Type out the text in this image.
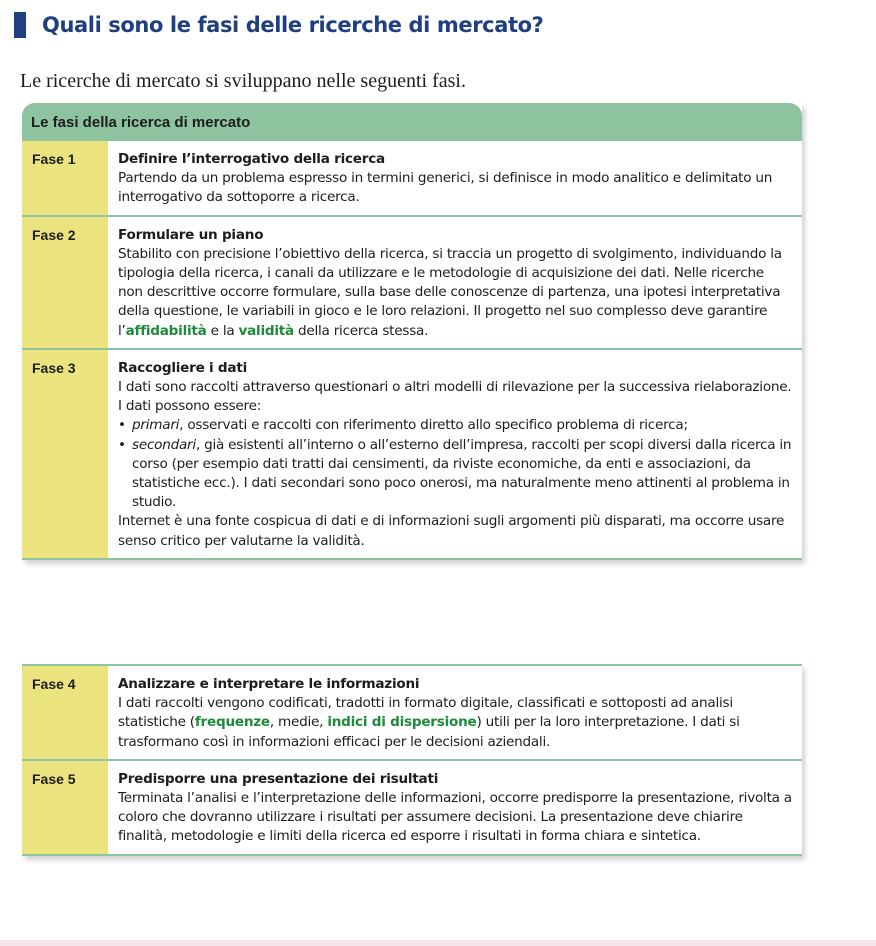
Quali sono le fasi delle ricerche di mercato?
Le ricerche di mercato si sviluppano nelle seguenti fasi.
Le fasi della ricerca di mercato
Fase 1	Definire l’interrogativo della ricerca
Partendo da un problema espresso in termini generici, si definisce in modo analitico e delimitato un interrogativo da sottoporre a ricerca.
Fase 2	Formulare un piano
Stabilito con precisione l’obiettivo della ricerca, si traccia un progetto di svolgimento, individuando la tipologia della ricerca, i canali da utilizzare e le metodologie di acquisizione dei dati. Nelle ricerche non descrittive occorre formulare, sulla base delle conoscenze di partenza, una ipotesi interpretativa della questione, le variabili in gioco e le loro relazioni. Il progetto nel suo complesso deve garantire l’affidabilità e la validità della ricerca stessa.
Fase 3	Raccogliere i dati
I dati sono raccolti attraverso questionari o altri modelli di rilevazione per la successiva rielaborazione. I dati possono essere:
• primari, osservati e raccolti con riferimento diretto allo specifico problema di ricerca;
• secondari, già esistenti all’interno o all’esterno dell’impresa, raccolti per scopi diversi dalla ricerca in corso (per esempio dati tratti dai censimenti, da riviste economiche, da enti e associazioni, da statistiche ecc.). I dati secondari sono poco onerosi, ma naturalmente meno attinenti al problema in studio.
Internet è una fonte cospicua di dati e di informazioni sugli argomenti più disparati, ma occorre usare senso critico per valutarne la validità.
Fase 4	Analizzare e interpretare le informazioni
I dati raccolti vengono codificati, tradotti in formato digitale, classificati e sottoposti ad analisi statistiche (frequenze, medie, indici di dispersione) utili per la loro interpretazione. I dati si trasformano così in informazioni efficaci per le decisioni aziendali.
Fase 5	Predisporre una presentazione dei risultati
Terminata l’analisi e l’interpretazione delle informazioni, occorre predisporre la presentazione, rivolta a coloro che dovranno utilizzare i risultati per assumere decisioni. La presentazione deve chiarire finalità, metodologie e limiti della ricerca ed esporre i risultati in forma chiara e sintetica.
